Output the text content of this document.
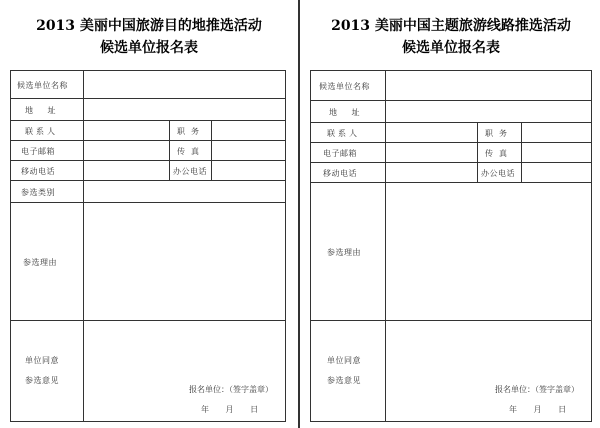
2013 美丽中国旅游目的地推选活动
候选单位报名表
候选单位名称
地 址
联系人	职务
电子邮箱	传真
移动电话	办公电话
参选类别
参选理由
单位同意
参选意见
报名单位：（签字盖章）
年 月 日
2013 美丽中国主题旅游线路推选活动
候选单位报名表
候选单位名称
地 址
联系人	职务
电子邮箱	传真
移动电话	办公电话
参选理由
单位同意
参选意见
报名单位：（签字盖章）
年 月 日
